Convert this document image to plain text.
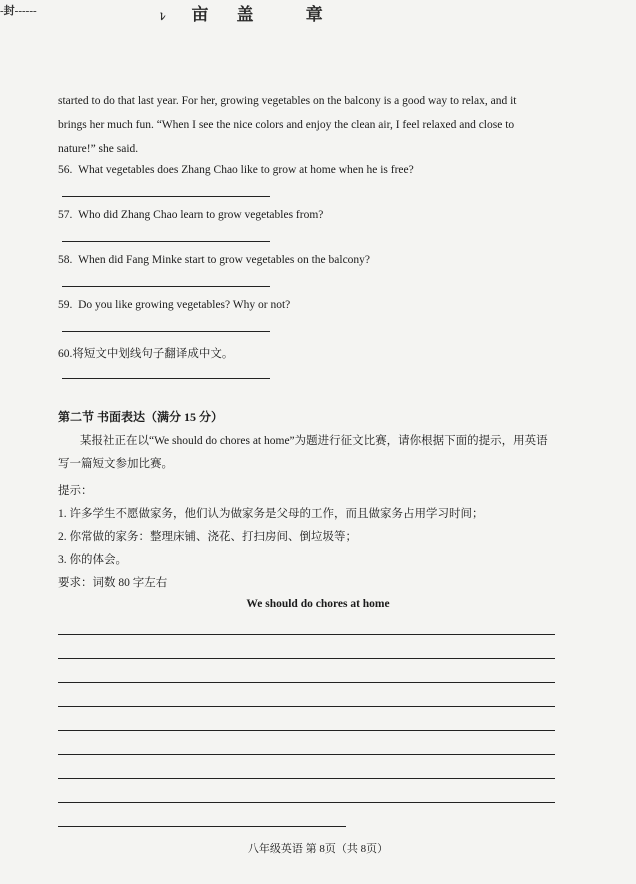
-封------	ﾚ 亩 盖 章
started to do that last year. For her, growing vegetables on the balcony is a good way to relax, and it
brings her much fun. “When I see the nice colors and enjoy the clean air, I feel relaxed and close to
nature!” she said.
56. What vegetables does Zhang Chao like to grow at home when he is free?
57. Who did Zhang Chao learn to grow vegetables from?
58. When did Fang Minke start to grow vegetables on the balcony?
59. Do you like growing vegetables? Why or not?
60.将短文中划线句子翻译成中文。
第二节 书面表达（满分 15 分）
某报社正在以“We should do chores at home”为题进行征文比赛，请你根据下面的提示，用英语写一篇短文参加比赛。
提示：
1. 许多学生不愿做家务，他们认为做家务是父母的工作，而且做家务占用学习时间；
2. 你常做的家务：整理床铺、浇花、打扫房间、倒垃圾等；
3. 你的体会。
要求：词数 80 字左右
We should do chores at home
八年级英语 第 8页（共 8页）
